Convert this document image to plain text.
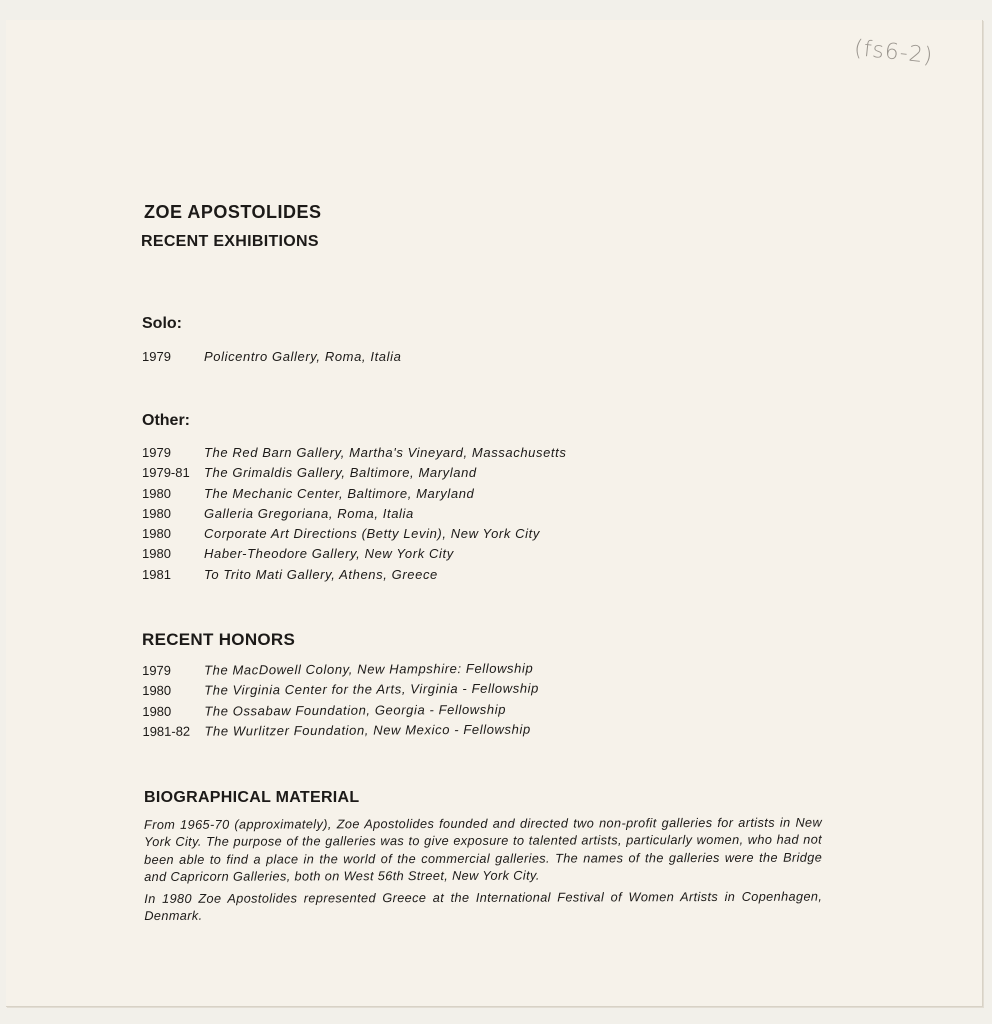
(fs6-2)
ZOE APOSTOLIDES
RECENT EXHIBITIONS
Solo:
1979	Policentro Gallery, Roma, Italia
Other:
1979	The Red Barn Gallery, Martha's Vineyard, Massachusetts
1979-81 The Grimaldis Gallery, Baltimore, Maryland
1980	The Mechanic Center, Baltimore, Maryland
1980	Galleria Gregoriana, Roma, Italia
1980	Corporate Art Directions (Betty Levin), New York City
1980	Haber-Theodore Gallery, New York City
1981	To Trito Mati Gallery, Athens, Greece
RECENT HONORS
1979	The MacDowell Colony, New Hampshire: Fellowship
1980	The Virginia Center for the Arts, Virginia - Fellowship
1980	The Ossabaw Foundation, Georgia - Fellowship
1981-82 The Wurlitzer Foundation, New Mexico - Fellowship
BIOGRAPHICAL MATERIAL

From 1965-70 (approximately), Zoe Apostolides founded and directed two non-profit galleries for artists in New York City. The purpose of the galleries was to give exposure to talented artists, particularly women, who had not been able to find a place in the world of the commercial galleries. The names of the galleries were the Bridge and Capricorn Galleries, both on West 56th Street, New York City.

In 1980 Zoe Apostolides represented Greece at the International Festival of Women Artists in Copenhagen, Denmark.
